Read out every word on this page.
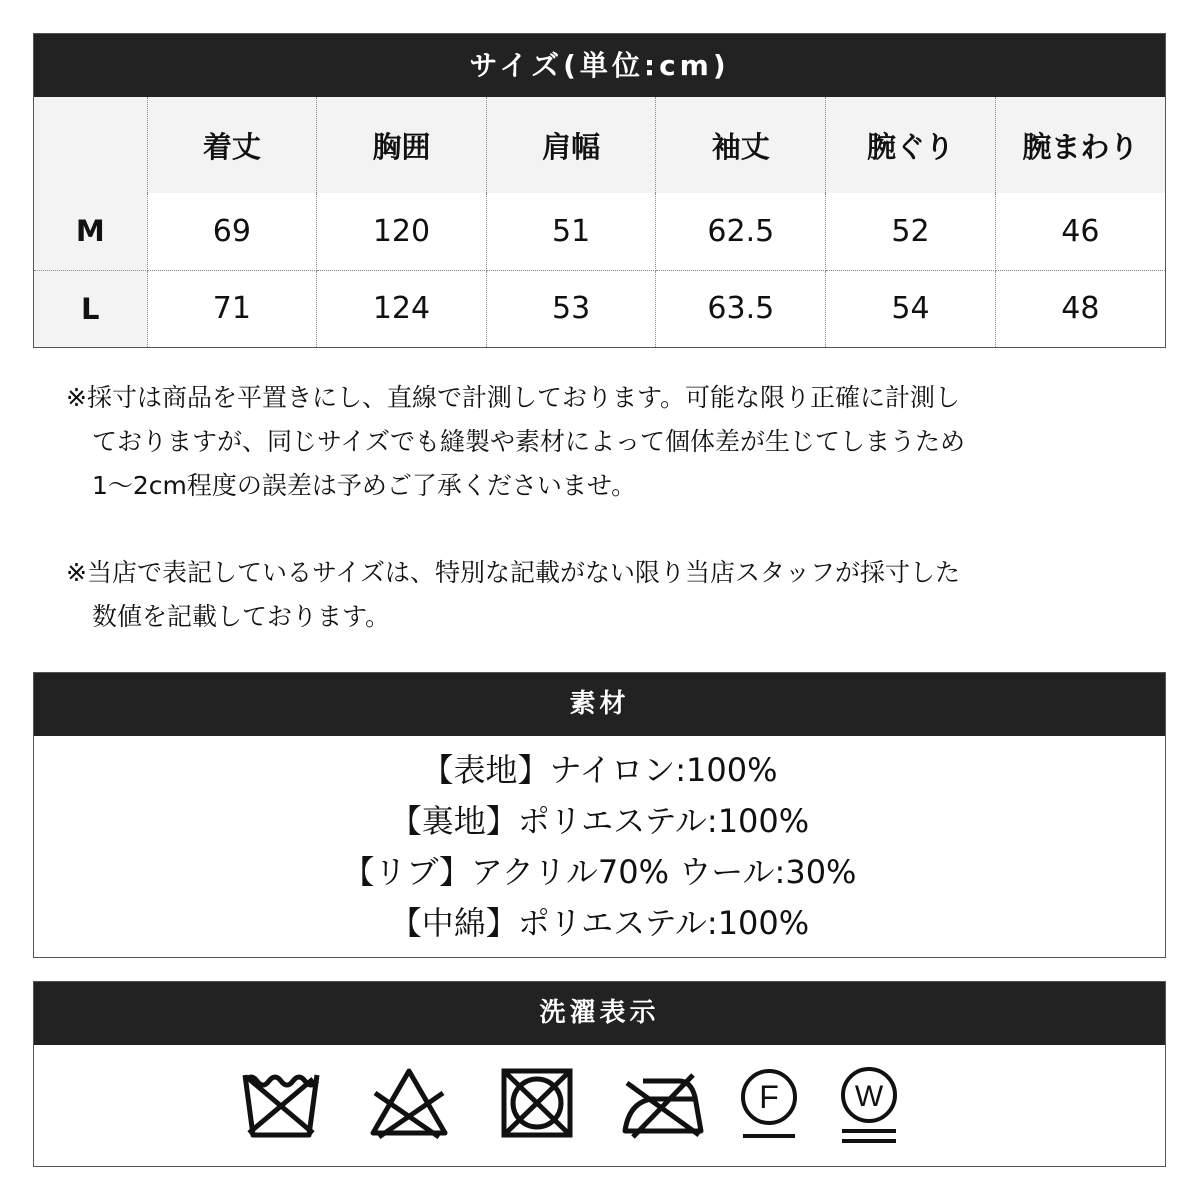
サイズ(単位:cm)
	着丈	胸囲	肩幅	袖丈	腕ぐり	腕まわり
M	69	120	51	62.5	52	46
L	71	124	53	63.5	54	48

※採寸は商品を平置きにし、直線で計測しております。可能な限り正確に計測し

ておりますが、同じサイズでも縫製や素材によって個体差が生じてしまうため

1〜2cm程度の誤差は予めご了承くださいませ。

※当店で表記しているサイズは、特別な記載がない限り当店スタッフが採寸した

数値を記載しております。

素材
【表地】ナイロン:100%
【裏地】ポリエステル:100%
【リブ】アクリル70% ウール:30%
【中綿】ポリエステル:100%
洗濯表示
F	W
